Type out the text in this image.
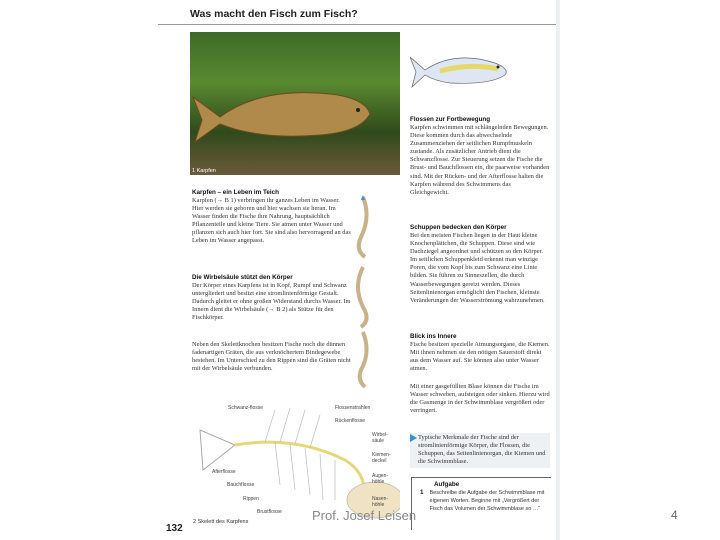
Was macht den Fisch zum Fisch?
1 Karpfen
Karpfen – ein Leben im Teich
Karpfen (→ B 1) verbringen ihr ganzes Leben im Wasser. Hier werden sie geboren und hier wachsen sie heran. Im Wasser finden die Fische ihre Nahrung, hauptsächlich Pflanzenteile und kleine Tiere. Sie atmen unter Wasser und pflanzen sich auch hier fort. Sie sind also hervorragend an das Leben im Wasser angepasst.
Die Wirbelsäule stützt den Körper
Der Körper eines Karpfens ist in Kopf, Rumpf und Schwanz untergliedert und besitzt eine stromlinienförmige Gestalt. Dadurch gleitet er ohne großen Widerstand durchs Wasser. Im Innern dient die Wirbelsäule (→ B 2) als Stütze für den Fischkörper.
Neben den Skelettknochen besitzen Fische noch die dünnen fadenartigen Gräten, die aus verknöchertem Bindegewebe bestehen. Im Unterschied zu den Rippen sind die Gräten nicht mit der Wirbelsäule verbunden.
Schwanz-flosse	Flossenstrahlen
Rückenflosse
Wirbel-säule
Kiemen-deckel
Augen-höhle
Nasen-höhle
Afterflosse
Bauchflosse
Rippen
Brustflosse
2 Skelett des Karpfens
Flossen zur Fortbewegung
Karpfen schwimmen mit schlängelnden Bewegungen. Diese kommen durch das abwechselnde Zusammenziehen der seitlichen Rumpfmuskeln zustande. Als zusätzlicher Antrieb dient die Schwanzflosse. Zur Steuerung setzen die Fische die Brust- und Bauchflossen ein, die paarweise vorhanden sind. Mit der Rücken- und der Afterflosse halten die Karpfen während des Schwimmens das Gleichgewicht.
Schuppen bedecken den Körper
Bei den meisten Fischen liegen in der Haut kleine Knochenplättchen, die Schuppen. Diese sind wie Dachziegel angeordnet und schützen so den Körper. Im seitlichen Schuppenkleid erkennt man winzige Poren, die vom Kopf bis zum Schwanz eine Linie bilden. Sie führen zu Sinneszellen, die durch Wasserbewegungen gereizt werden. Dieses Seitenlinienorgan ermöglicht den Fischen, kleinste Veränderungen der Wasserströmung wahrzunehmen.
Blick ins Innere
Fische besitzen spezielle Atmungsorgane, die Kiemen. Mit ihnen nehmen sie den nötigen Sauerstoff direkt aus dem Wasser auf. Sie können also unter Wasser atmen.
Mit einer gasgefüllten Blase können die Fische im Wasser schweben, aufsteigen oder sinken. Hierzu wird die Gasmenge in der Schwimmblase vergrößert oder verringert.
Typische Merkmale der Fische sind der stromlinienförmige Körper, die Flossen, die Schuppen, das Seitenlinienorgan, die Kiemen und die Schwimmblase.
Aufgabe
1 Beschreibe die Aufgabe der Schwimmblase mit eigenen Worten. Beginne mit „Vergrößert der Fisch das Volumen der Schwimmblase so …“
132
Prof. Josef Leisen	4
